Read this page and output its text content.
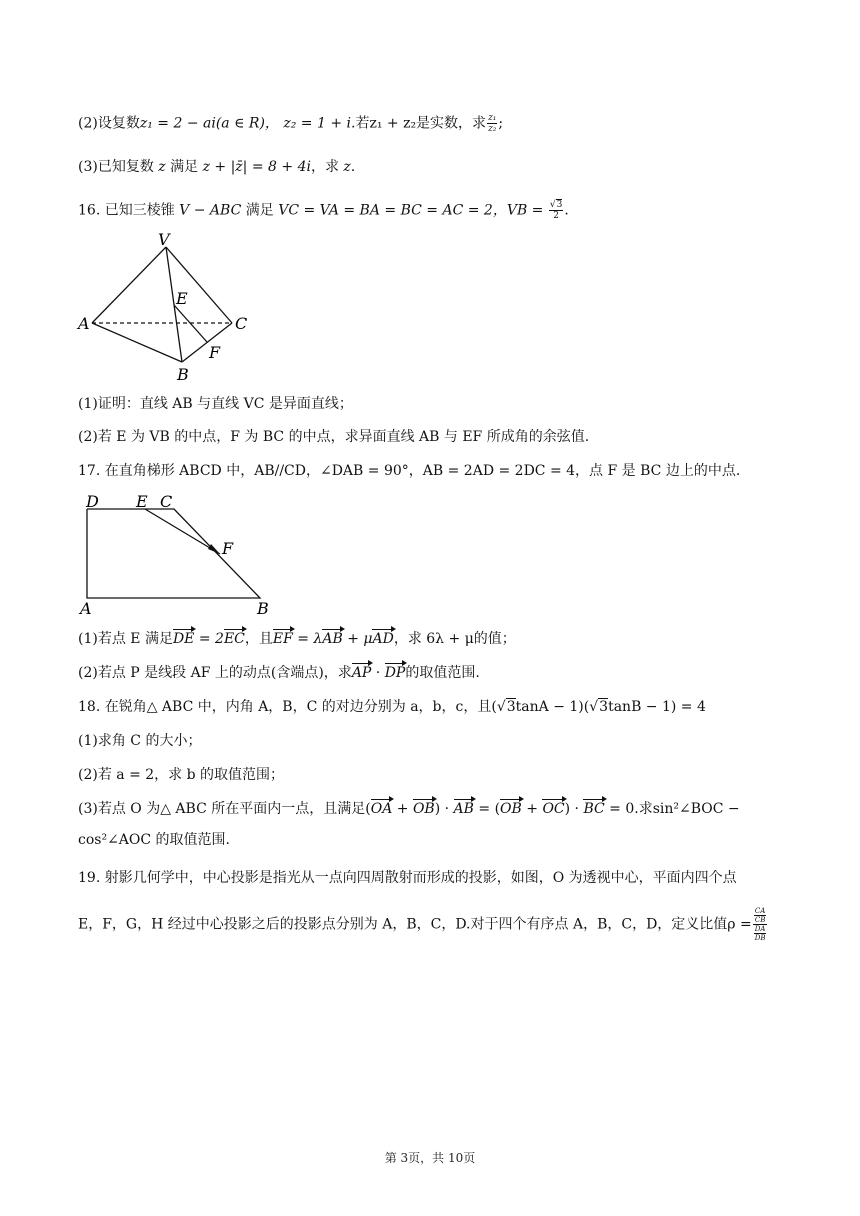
(2)设复数z₁ = 2 − ai(a ∈ R)， z₂ = 1 + i.若z₁ + z₂是实数，求 $\frac{\text{z₁}}{\text{z₂}}$ ;
(3)已知复数 z 满足 z + |z̄| = 8 + 4i，求 z.
16. 已知三棱锥 V − ABC 满足 VC = VA = BA = BC = AC = 2，VB = $\frac{√3}{2}$ .
V
E
A	C
F
B
(1)证明：直线 AB 与直线 VC 是异面直线；
(2)若 E 为 VB 的中点，F 为 BC 的中点，求异面直线 AB 与 EF 所成角的余弦值.
17. 在直角梯形 ABCD 中，AB//CD，∠DAB = 90°，AB = 2AD = 2DC = 4，点 F 是 BC 边上的中点.
D E C
F
A	B
(1)若点 E 满足DE = 2EC，且EF = λAB + μAD，求 6λ + μ的值；
(2)若点 P 是线段 AF 上的动点(含端点)，求AP · DP的取值范围.
18. 在锐角△ ABC 中，内角 A，B，C 的对边分别为 a，b，c，且(√3tanA − 1)(√3tanB − 1) = 4
(1)求角 C 的大小；
(2)若 a = 2，求 b 的取值范围；
(3)若点 O 为△ ABC 所在平面内一点，且满足(OA + OB) · AB = (OB + OC) · BC = 0.求sin²∠BOC −
cos²∠AOC 的取值范围.
19. 射影几何学中，中心投影是指光从一点向四周散射而形成的投影，如图，O 为透视中心，平面内四个点
E，F，G，H 经过中心投影之后的投影点分别为 A，B，C，D.对于四个有序点 A，B，C，D，定义比值$\rho = \frac{\frac{CA}{CB}}{\frac{DA}{DB}}$
第 3页，共 10页
